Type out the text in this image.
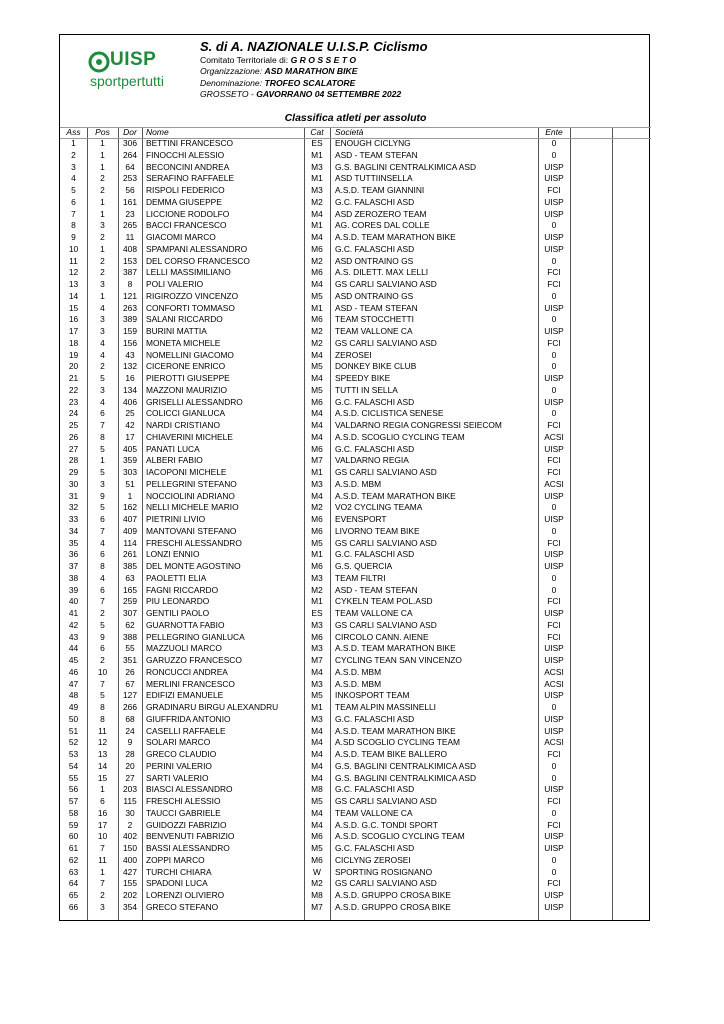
UISP
sportpertutti
S. di A. NAZIONALE U.I.S.P. Ciclismo
Comitato Territoriale di: G R O S S E T O
Organizzazione: ASD MARATHON BIKE
Denominazione: TROFEO SCALATORE
GROSSETO - GAVORRANO 04 SETTEMBRE 2022
Classifica atleti per assoluto
Ass	Pos	Dor	Nome	Cat	Società	Ente
1	1	306	BETTINI FRANCESCO	ES	ENOUGH CICLYNG	0
2	1	264	FINOCCHI ALESSIO	M1	ASD - TEAM STEFAN	0
3	1	64	BECONCINI ANDREA	M3	G.S. BAGLINI CENTRALKIMICA ASD	UISP
4	2	253	SERAFINO RAFFAELE	M1	ASD TUTTIINSELLA	UISP
5	2	56	RISPOLI FEDERICO	M3	A.S.D. TEAM GIANNINI	FCI
6	1	161	DEMMA GIUSEPPE	M2	G.C. FALASCHI ASD	UISP
7	1	23	LICCIONE RODOLFO	M4	ASD ZEROZERO TEAM	UISP
8	3	265	BACCI FRANCESCO	M1	AG. CORES DAL COLLE	0
9	2	11	GIACOMI MARCO	M4	A.S.D. TEAM MARATHON BIKE	UISP
10	1	408	SPAMPANI ALESSANDRO	M6	G.C. FALASCHI ASD	UISP
11	2	153	DEL CORSO FRANCESCO	M2	ASD ONTRAINO GS	0
12	2	387	LELLI MASSIMILIANO	M6	A.S. DILETT. MAX LELLI	FCI
13	3	8	POLI VALERIO	M4	GS CARLI SALVIANO ASD	FCI
14	1	121	RIGIROZZO VINCENZO	M5	ASD ONTRAINO GS	0
15	4	263	CONFORTI TOMMASO	M1	ASD - TEAM STEFAN	UISP
16	3	389	SALANI RICCARDO	M6	TEAM STOCCHETTI	0
17	3	159	BURINI MATTIA	M2	TEAM VALLONE CA	UISP
18	4	156	MONETA MICHELE	M2	GS CARLI SALVIANO ASD	FCI
19	4	43	NOMELLINI GIACOMO	M4	ZEROSEI	0
20	2	132	CICERONE ENRICO	M5	DONKEY BIKE CLUB	0
21	5	16	PIEROTTI GIUSEPPE	M4	SPEEDY BIKE	UISP
22	3	134	MAZZONI MAURIZIO	M5	TUTTI IN SELLA	0
23	4	406	GRISELLI ALESSANDRO	M6	G.C. FALASCHI ASD	UISP
24	6	25	COLICCI GIANLUCA	M4	A.S.D. CICLISTICA SENESE	0
25	7	42	NARDI CRISTIANO	M4	VALDARNO REGIA CONGRESSI SEIECOM	FCI
26	8	17	CHIAVERINI MICHELE	M4	A.S.D. SCOGLIO CYCLING TEAM	ACSI
27	5	405	PANATI LUCA	M6	G.C. FALASCHI ASD	UISP
28	1	359	ALBERI FABIO	M7	VALDARNO REGIA	FCI
29	5	303	IACOPONI MICHELE	M1	GS CARLI SALVIANO ASD	FCI
30	3	51	PELLEGRINI STEFANO	M3	A.S.D. MBM	ACSI
31	9	1	NOCCIOLINI ADRIANO	M4	A.S.D. TEAM MARATHON BIKE	UISP
32	5	162	NELLI MICHELE MARIO	M2	VO2 CYCLING TEAMA	0
33	6	407	PIETRINI LIVIO	M6	EVENSPORT	UISP
34	7	409	MANTOVANI STEFANO	M6	LIVORNO TEAM BIKE	0
35	4	114	FRESCHI ALESSANDRO	M5	GS CARLI SALVIANO ASD	FCI
36	6	261	LONZI ENNIO	M1	G.C. FALASCHI ASD	UISP
37	8	385	DEL MONTE AGOSTINO	M6	G.S. QUERCIA	UISP
38	4	63	PAOLETTI ELIA	M3	TEAM FILTRI	0
39	6	165	FAGNI RICCARDO	M2	ASD - TEAM STEFAN	0
40	7	259	PIU LEONARDO	M1	CYKELN TEAM POL.ASD	FCI
41	2	307	GENTILI PAOLO	ES	TEAM VALLONE CA	UISP
42	5	62	GUARNOTTA FABIO	M3	GS CARLI SALVIANO ASD	FCI
43	9	388	PELLEGRINO GIANLUCA	M6	CIRCOLO CANN. AIENE	FCI
44	6	55	MAZZUOLI MARCO	M3	A.S.D. TEAM MARATHON BIKE	UISP
45	2	351	GARUZZO FRANCESCO	M7	CYCLING TEAN SAN VINCENZO	UISP
46	10	26	RONCUCCI ANDREA	M4	A.S.D. MBM	ACSI
47	7	67	MERLINI FRANCESCO	M3	A.S.D. MBM	ACSI
48	5	127	EDIFIZI EMANUELE	M5	INKOSPORT TEAM	UISP
49	8	266	GRADINARU BIRGU ALEXANDRU	M1	TEAM ALPIN MASSINELLI	0
50	8	68	GIUFFRIDA ANTONIO	M3	G.C. FALASCHI ASD	UISP
51	11	24	CASELLI RAFFAELE	M4	A.S.D. TEAM MARATHON BIKE	UISP
52	12	9	SOLARI MARCO	M4	A.SD SCOGLIO CYCLING TEAM	ACSI
53	13	28	GRECO CLAUDIO	M4	A.S.D. TEAM BIKE BALLERO	FCI
54	14	20	PERINI VALERIO	M4	G.S. BAGLINI CENTRALKIMICA ASD	0
55	15	27	SARTI VALERIO	M4	G.S. BAGLINI CENTRALKIMICA ASD	0
56	1	203	BIASCI ALESSANDRO	M8	G.C. FALASCHI ASD	UISP
57	6	115	FRESCHI ALESSIO	M5	GS CARLI SALVIANO ASD	FCI
58	16	30	TAUCCI GABRIELE	M4	TEAM VALLONE CA	0
59	17	2	GUIDOZZI FABRIZIO	M4	A.S.D. G.C. TONDI SPORT	FCI
60	10	402	BENVENUTI FABRIZIO	M6	A.S.D. SCOGLIO CYCLING TEAM	UISP
61	7	150	BASSI ALESSANDRO	M5	G.C. FALASCHI ASD	UISP
62	11	400	ZOPPI MARCO	M6	CICLYNG ZEROSEI	0
63	1	427	TURCHI CHIARA	W	SPORTING ROSIGNANO	0
64	7	155	SPADONI LUCA	M2	GS CARLI SALVIANO ASD	FCI
65	2	202	LORENZI OLIVIERO	M8	A.S.D. GRUPPO CROSA BIKE	UISP
66	3	354	GRECO STEFANO	M7	A.S.D. GRUPPO CROSA BIKE	UISP
